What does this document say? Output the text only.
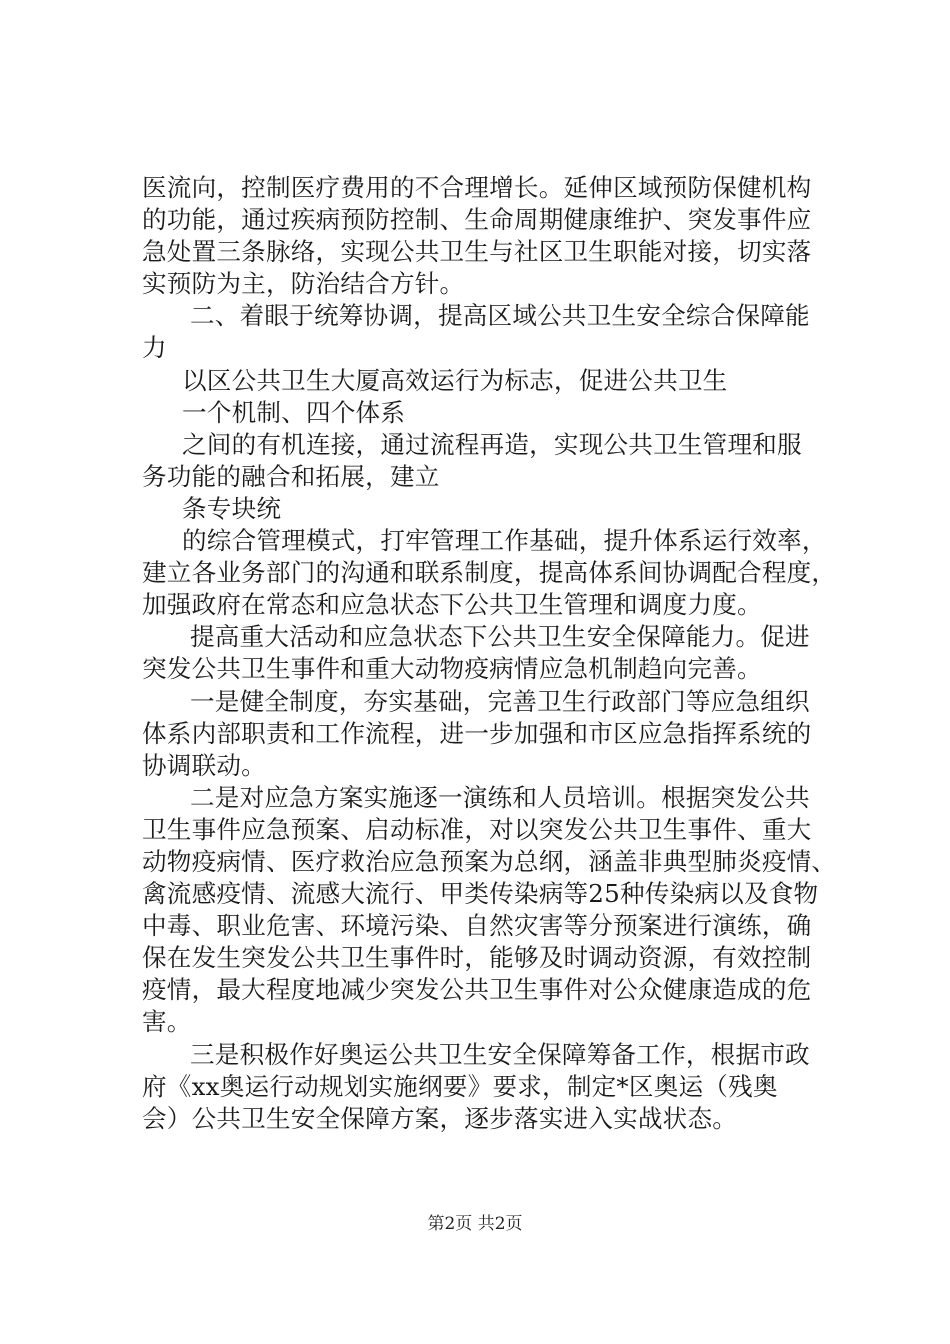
医流向，控制医疗费用的不合理增长。延伸区域预防保健机构
的功能，通过疾病预防控制、生命周期健康维护、突发事件应
急处置三条脉络，实现公共卫生与社区卫生职能对接，切实落
实预防为主，防治结合方针。
二、着眼于统筹协调，提高区域公共卫生安全综合保障能
力
以区公共卫生大厦高效运行为标志，促进公共卫生
一个机制、四个体系
之间的有机连接，通过流程再造，实现公共卫生管理和服
务功能的融合和拓展，建立
条专块统
的综合管理模式，打牢管理工作基础，提升体系运行效率，
建立各业务部门的沟通和联系制度，提高体系间协调配合程度，
加强政府在常态和应急状态下公共卫生管理和调度力度。
提高重大活动和应急状态下公共卫生安全保障能力。促进
突发公共卫生事件和重大动物疫病情应急机制趋向完善。
一是健全制度，夯实基础，完善卫生行政部门等应急组织
体系内部职责和工作流程，进一步加强和市区应急指挥系统的
协调联动。
二是对应急方案实施逐一演练和人员培训。根据突发公共
卫生事件应急预案、启动标准，对以突发公共卫生事件、重大
动物疫病情、医疗救治应急预案为总纲，涵盖非典型肺炎疫情、
禽流感疫情、流感大流行、甲类传染病等25种传染病以及食物
中毒、职业危害、环境污染、自然灾害等分预案进行演练，确
保在发生突发公共卫生事件时，能够及时调动资源，有效控制
疫情，最大程度地减少突发公共卫生事件对公众健康造成的危
害。
三是积极作好奥运公共卫生安全保障筹备工作，根据市政
府《xx奥运行动规划实施纲要》要求，制定*区奥运（残奥
会）公共卫生安全保障方案，逐步落实进入实战状态。
第2页 共2页
